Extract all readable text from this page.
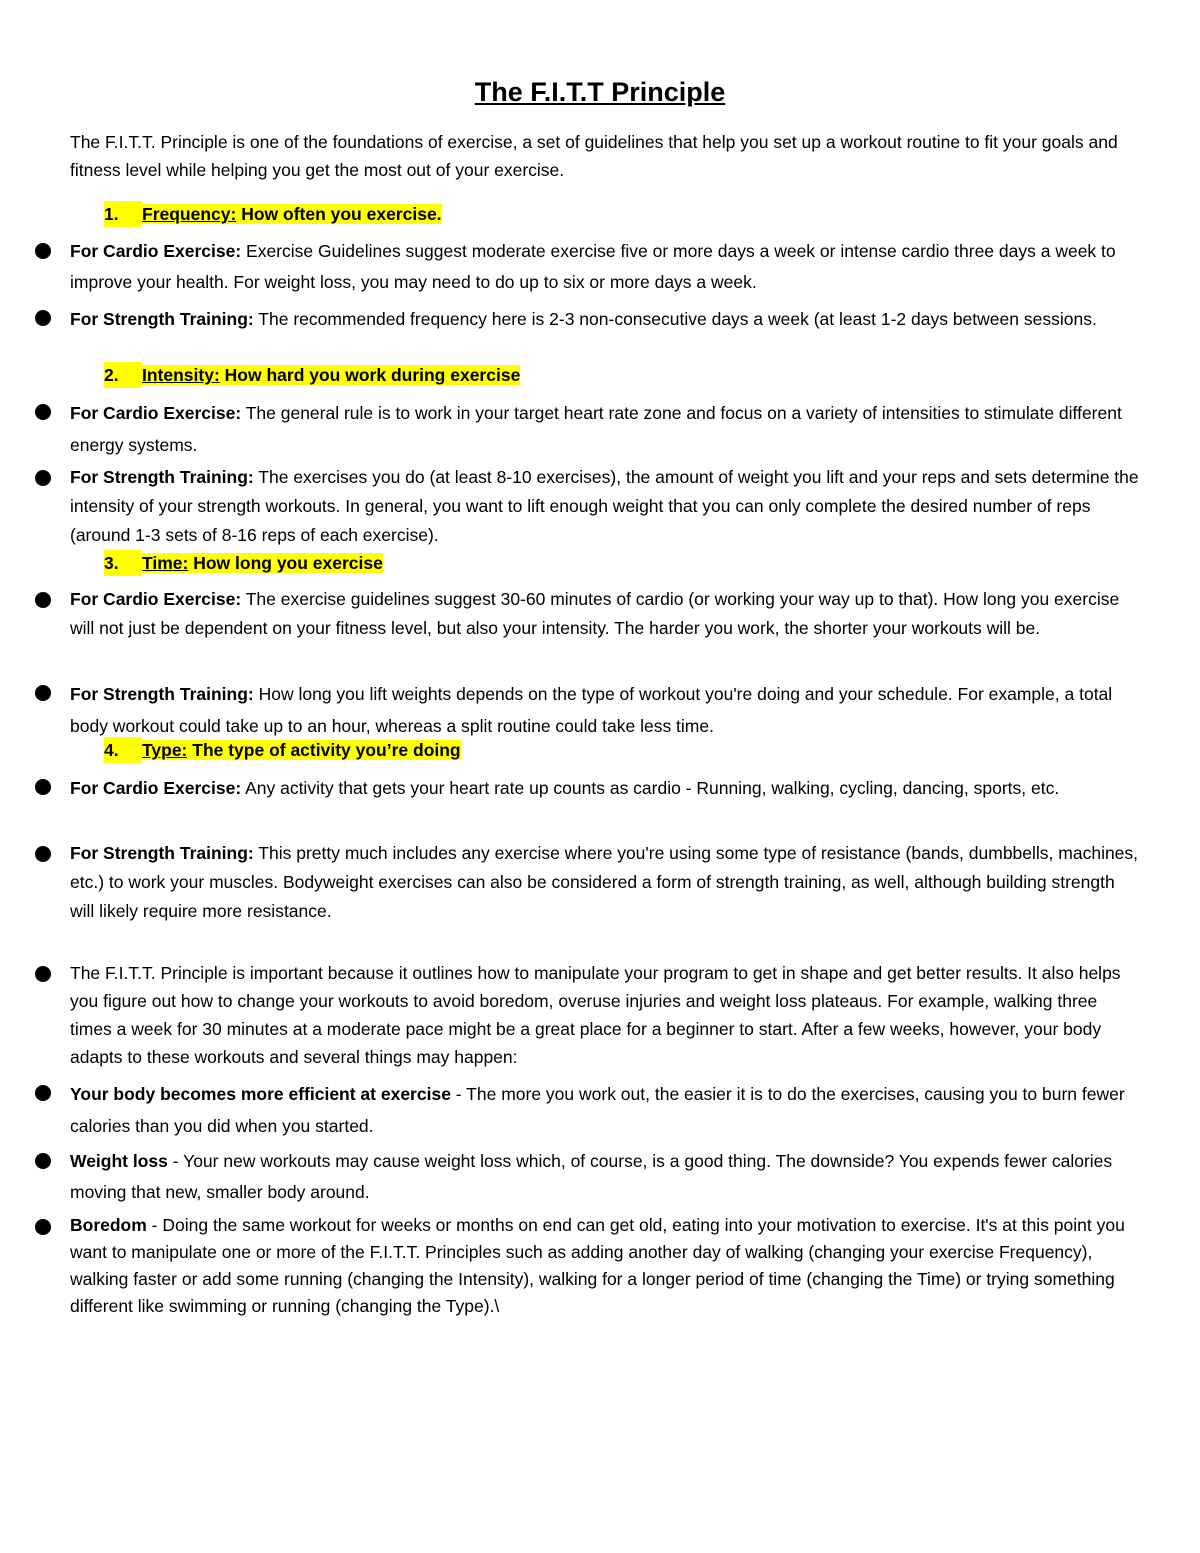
The F.I.T.T Principle
The F.I.T.T. Principle is one of the foundations of exercise, a set of guidelines that help you set up a workout routine to fit your goals and fitness level while helping you get the most out of your exercise.
1. Frequency: How often you exercise.
For Cardio Exercise: Exercise Guidelines suggest moderate exercise five or more days a week or intense cardio three days a week to improve your health. For weight loss, you may need to do up to six or more days a week.
For Strength Training: The recommended frequency here is 2-3 non-consecutive days a week (at least 1-2 days between sessions.
2. Intensity: How hard you work during exercise
For Cardio Exercise: The general rule is to work in your target heart rate zone and focus on a variety of intensities to stimulate different energy systems.
For Strength Training: The exercises you do (at least 8-10 exercises), the amount of weight you lift and your reps and sets determine the intensity of your strength workouts. In general, you want to lift enough weight that you can only complete the desired number of reps (around 1-3 sets of 8-16 reps of each exercise).
3. Time: How long you exercise
For Cardio Exercise: The exercise guidelines suggest 30-60 minutes of cardio (or working your way up to that). How long you exercise will not just be dependent on your fitness level, but also your intensity. The harder you work, the shorter your workouts will be.
For Strength Training: How long you lift weights depends on the type of workout you're doing and your schedule. For example, a total body workout could take up to an hour, whereas a split routine could take less time.
4. Type: The type of activity you’re doing
For Cardio Exercise: Any activity that gets your heart rate up counts as cardio - Running, walking, cycling, dancing, sports, etc.
For Strength Training: This pretty much includes any exercise where you're using some type of resistance (bands, dumbbells, machines, etc.) to work your muscles. Bodyweight exercises can also be considered a form of strength training, as well, although building strength will likely require more resistance.
The F.I.T.T. Principle is important because it outlines how to manipulate your program to get in shape and get better results. It also helps you figure out how to change your workouts to avoid boredom, overuse injuries and weight loss plateaus. For example, walking three times a week for 30 minutes at a moderate pace might be a great place for a beginner to start. After a few weeks, however, your body adapts to these workouts and several things may happen:
Your body becomes more efficient at exercise - The more you work out, the easier it is to do the exercises, causing you to burn fewer calories than you did when you started.
Weight loss - Your new workouts may cause weight loss which, of course, is a good thing. The downside? You expends fewer calories moving that new, smaller body around.
Boredom - Doing the same workout for weeks or months on end can get old, eating into your motivation to exercise. It's at this point you want to manipulate one or more of the F.I.T.T. Principles such as adding another day of walking (changing your exercise Frequency), walking faster or add some running (changing the Intensity), walking for a longer period of time (changing the Time) or trying something different like swimming or running (changing the Type).\
